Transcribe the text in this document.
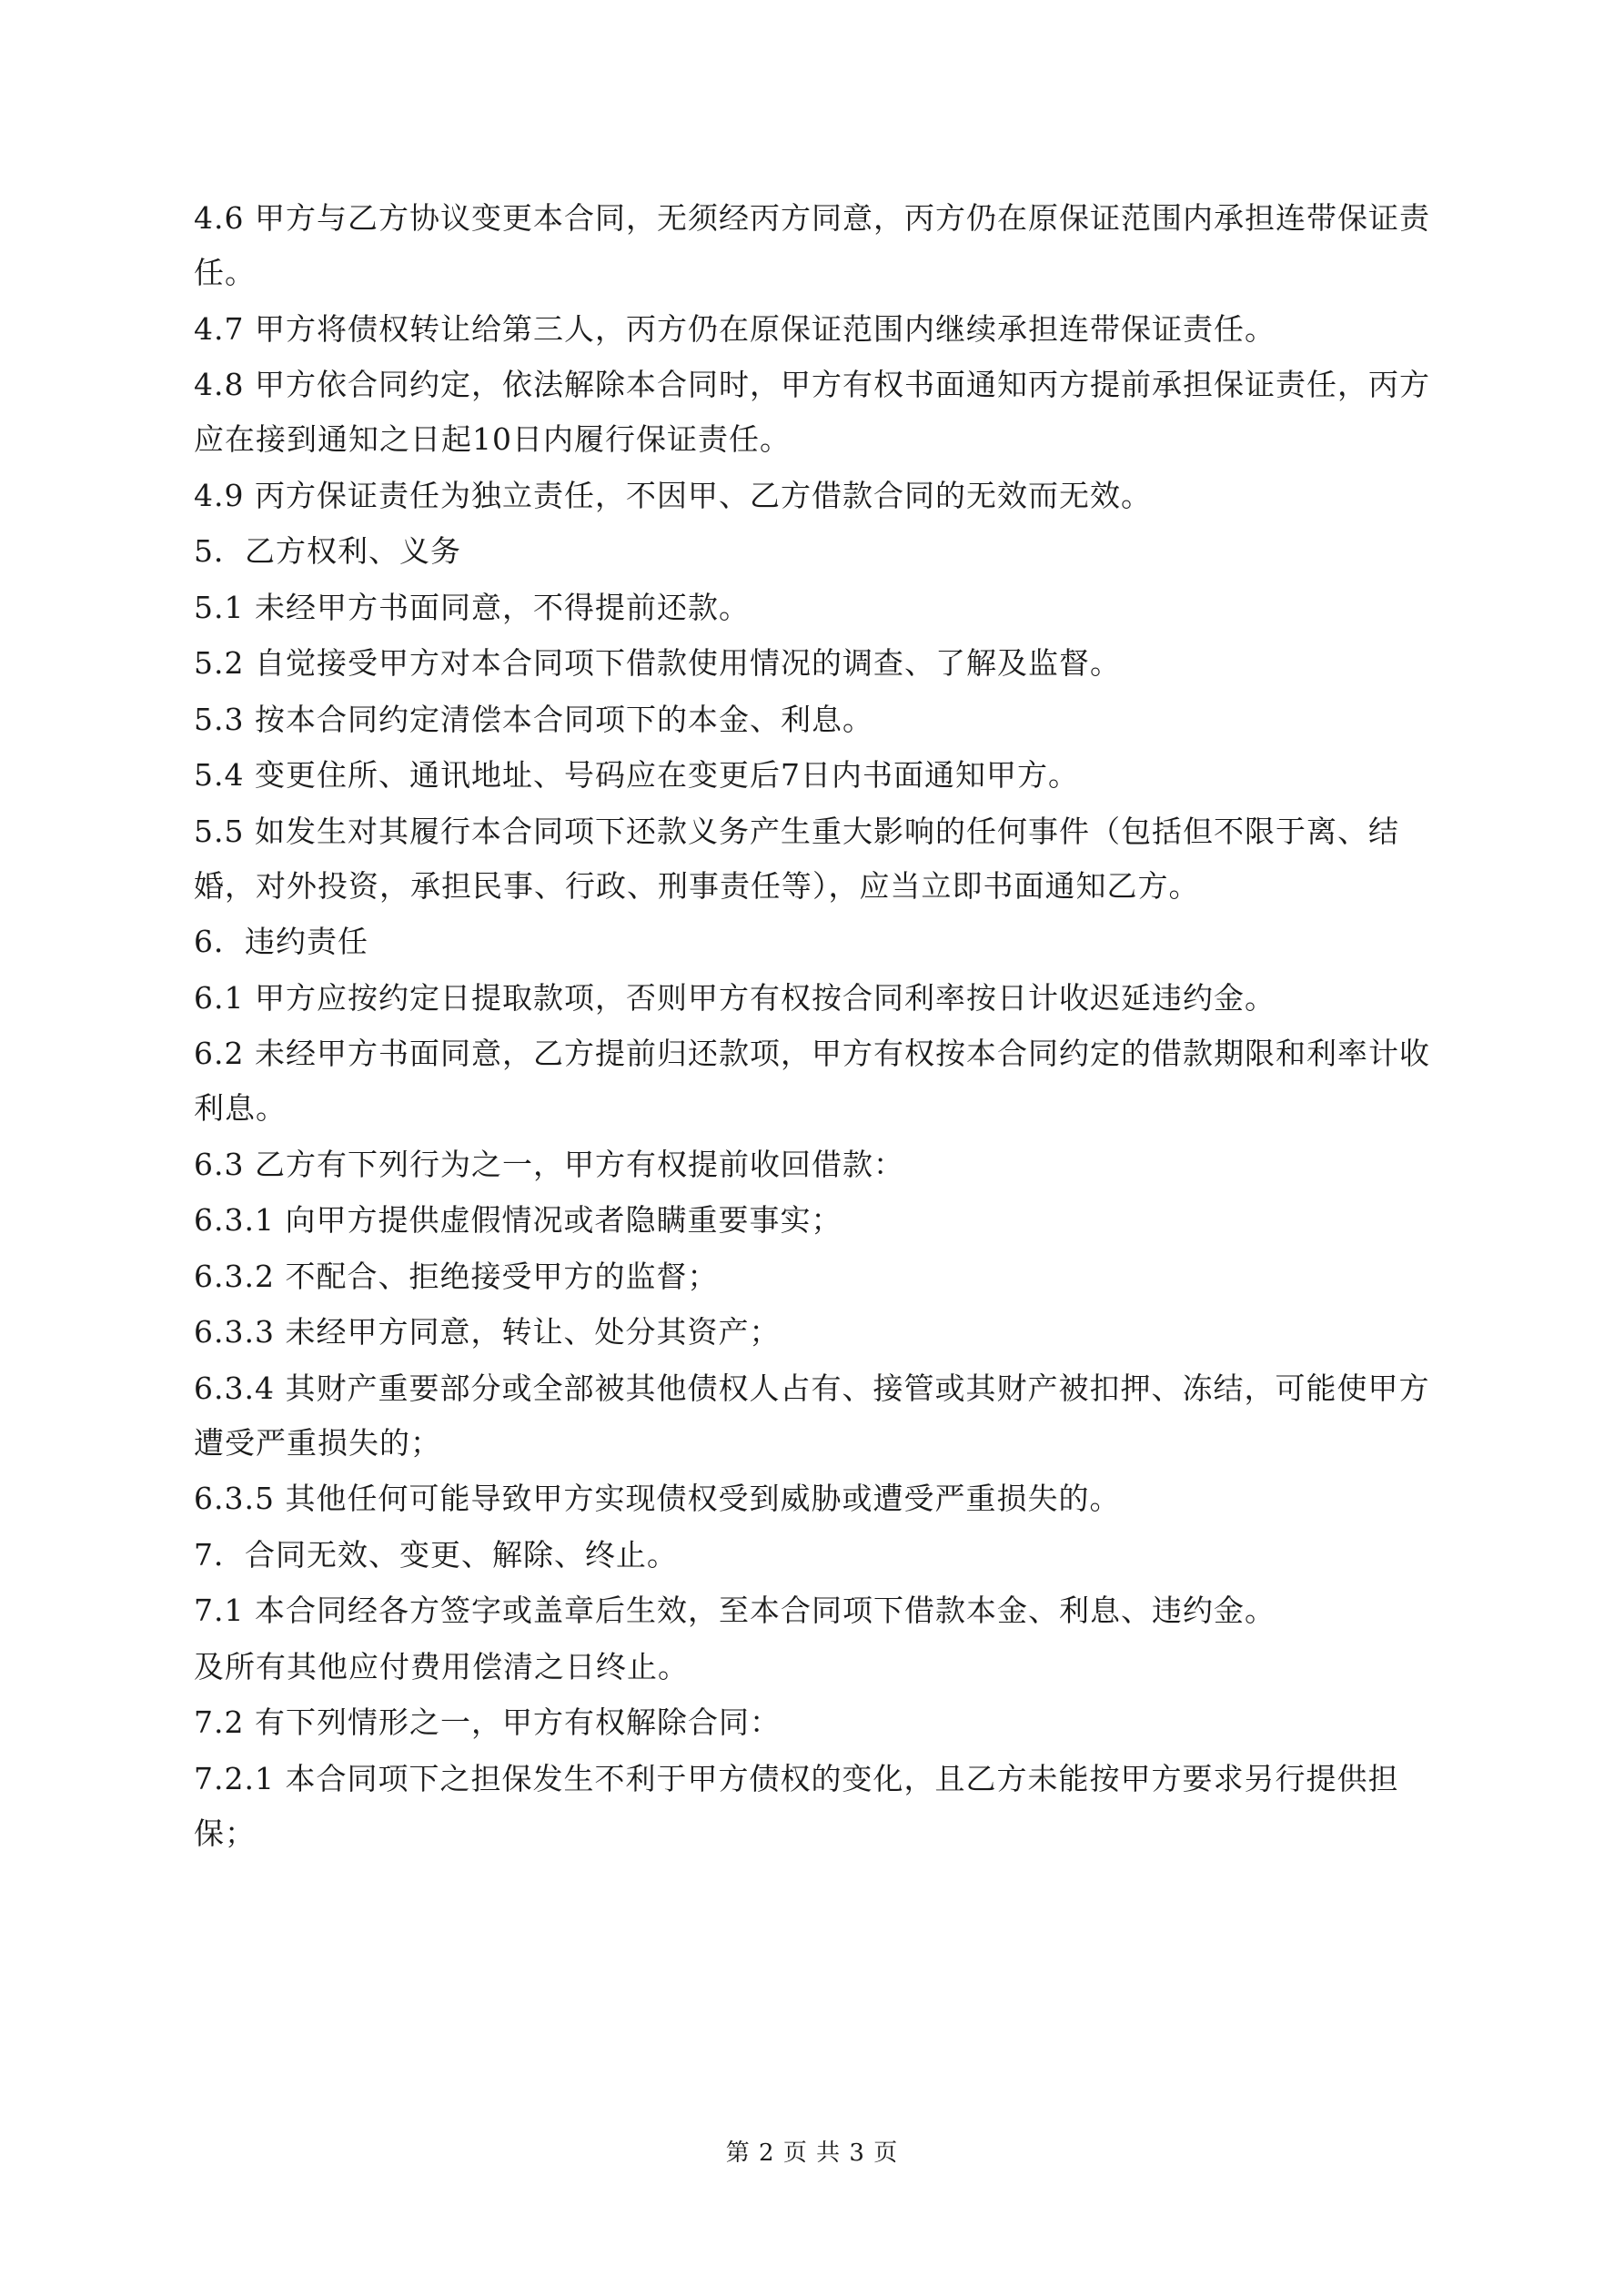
4.6 甲方与乙方协议变更本合同，无须经丙方同意，丙方仍在原保证范围内承担连带保证责任。

4.7 甲方将债权转让给第三人，丙方仍在原保证范围内继续承担连带保证责任。

4.8 甲方依合同约定，依法解除本合同时，甲方有权书面通知丙方提前承担保证责任，丙方应在接到通知之日起10日内履行保证责任。

4.9 丙方保证责任为独立责任，不因甲、乙方借款合同的无效而无效。

5．乙方权利、义务

5.1 未经甲方书面同意，不得提前还款。

5.2 自觉接受甲方对本合同项下借款使用情况的调查、了解及监督。

5.3 按本合同约定清偿本合同项下的本金、利息。

5.4 变更住所、通讯地址、号码应在变更后7日内书面通知甲方。

5.5 如发生对其履行本合同项下还款义务产生重大影响的任何事件（包括但不限于离、结婚，对外投资，承担民事、行政、刑事责任等），应当立即书面通知乙方。

6．违约责任

6.1 甲方应按约定日提取款项，否则甲方有权按合同利率按日计收迟延违约金。

6.2 未经甲方书面同意，乙方提前归还款项，甲方有权按本合同约定的借款期限和利率计收利息。

6.3 乙方有下列行为之一，甲方有权提前收回借款：

6.3.1 向甲方提供虚假情况或者隐瞒重要事实；

6.3.2 不配合、拒绝接受甲方的监督；

6.3.3 未经甲方同意，转让、处分其资产；

6.3.4 其财产重要部分或全部被其他债权人占有、接管或其财产被扣押、冻结，可能使甲方遭受严重损失的；

6.3.5 其他任何可能导致甲方实现债权受到威胁或遭受严重损失的。

7．合同无效、变更、解除、终止。

7.1 本合同经各方签字或盖章后生效，至本合同项下借款本金、利息、违约金。

及所有其他应付费用偿清之日终止。

7.2 有下列情形之一，甲方有权解除合同：

7.2.1 本合同项下之担保发生不利于甲方债权的变化，且乙方未能按甲方要求另行提供担保；

第 2 页 共 3 页
